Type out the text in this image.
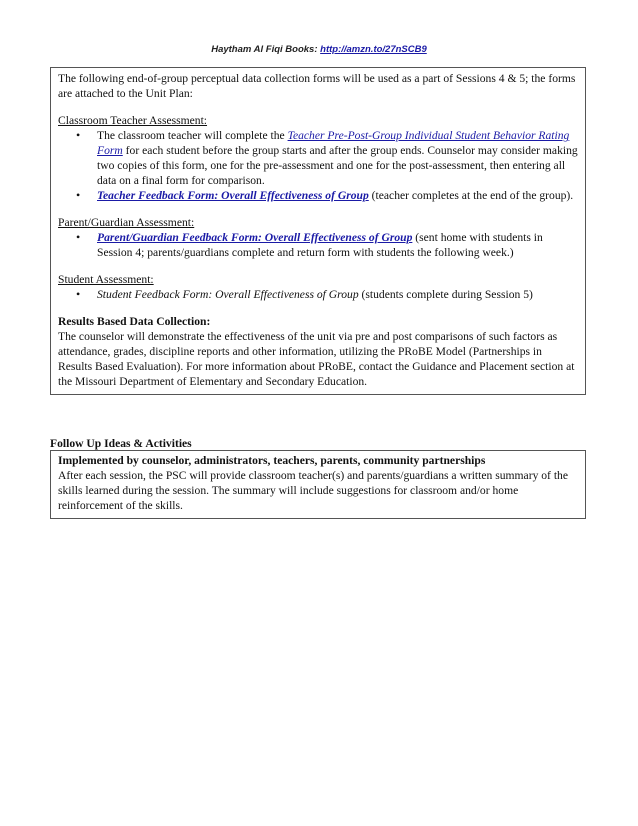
Haytham Al Fiqi Books: http://amzn.to/27nSCB9

The following end-of-group perceptual data collection forms will be used as a part of Sessions 4 & 5; the forms are attached to the Unit Plan:

Classroom Teacher Assessment:

• The classroom teacher will complete the Teacher Pre-Post-Group Individual Student Behavior Rating Form for each student before the group starts and after the group ends. Counselor may consider making two copies of this form, one for the pre-assessment and one for the post-assessment, then entering all data on a final form for comparison.
• Teacher Feedback Form: Overall Effectiveness of Group (teacher completes at the end of the group).

Parent/Guardian Assessment:

• Parent/Guardian Feedback Form: Overall Effectiveness of Group (sent home with students in Session 4; parents/guardians complete and return form with students the following week.)

Student Assessment:

• Student Feedback Form: Overall Effectiveness of Group (students complete during Session 5)

Results Based Data Collection:

The counselor will demonstrate the effectiveness of the unit via pre and post comparisons of such factors as attendance, grades, discipline reports and other information, utilizing the PRoBE Model (Partnerships in Results Based Evaluation). For more information about PRoBE, contact the Guidance and Placement section at the Missouri Department of Elementary and Secondary Education.

Follow Up Ideas & Activities

Implemented by counselor, administrators, teachers, parents, community partnerships

After each session, the PSC will provide classroom teacher(s) and parents/guardians a written summary of the skills learned during the session. The summary will include suggestions for classroom and/or home reinforcement of the skills.
